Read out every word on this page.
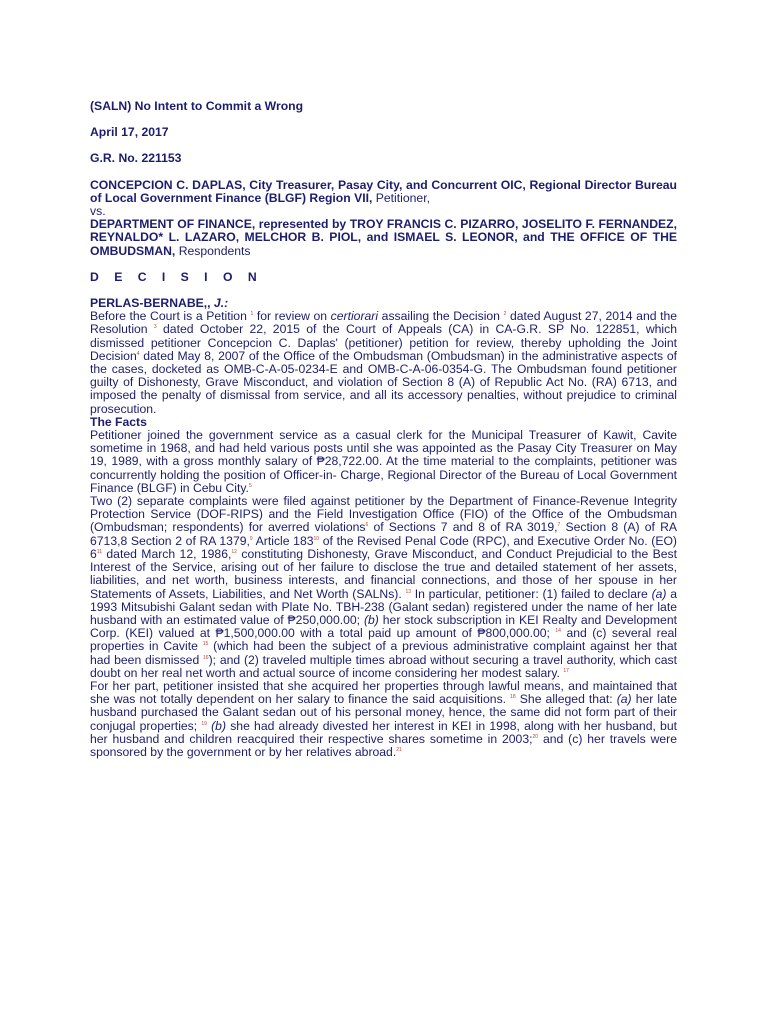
(SALN) No Intent to Commit a Wrong
April 17, 2017
G.R. No. 221153
CONCEPCION C. DAPLAS, City Treasurer, Pasay City, and Concurrent OIC, Regional Director Bureau of Local Government Finance (BLGF) Region VII, Petitioner,
vs.
DEPARTMENT OF FINANCE, represented by TROY FRANCIS C. PIZARRO, JOSELITO F. FERNANDEZ, REYNALDO* L. LAZARO, MELCHOR B. PIOL, and ISMAEL S. LEONOR, and THE OFFICE OF THE OMBUDSMAN, Respondents
D E C I S I O N
PERLAS-BERNABE,, J.:

Before the Court is a Petition $^1$ for review on certiorari assailing the Decision $^2$ dated August 27, 2014 and the Resolution $^3$ dated October 22, 2015 of the Court of Appeals (CA) in CA-G.R. SP No. 122851, which dismissed petitioner Concepcion C. Daplas' (petitioner) petition for review, thereby upholding the Joint Decision$^4$ dated May 8, 2007 of the Office of the Ombudsman (Ombudsman) in the administrative aspects of the cases, docketed as OMB-C-A-05-0234-E and OMB-C-A-06-0354-G. The Ombudsman found petitioner guilty of Dishonesty, Grave Misconduct, and violation of Section 8 (A) of Republic Act No. (RA) 6713, and imposed the penalty of dismissal from service, and all its accessory penalties, without prejudice to criminal prosecution.

The Facts

Petitioner joined the government service as a casual clerk for the Municipal Treasurer of Kawit, Cavite sometime in 1968, and had held various posts until she was appointed as the Pasay City Treasurer on May 19, 1989, with a gross monthly salary of ₱28,722.00. At the time material to the complaints, petitioner was concurrently holding the position of Officer-in- Charge, Regional Director of the Bureau of Local Government Finance (BLGF) in Cebu City.$^5$

Two (2) separate complaints were filed against petitioner by the Department of Finance-Revenue Integrity Protection Service (DOF-RIPS) and the Field Investigation Office (FIO) of the Office of the Ombudsman (Ombudsman; respondents) for averred violations$^6$ of Sections 7 and 8 of RA 3019,$^7$ Section 8 (A) of RA 6713,8 Section 2 of RA 1379,$^9$ Article 183$^{10}$ of the Revised Penal Code (RPC), and Executive Order No. (EO) 6$^{11}$ dated March 12, 1986,12 constituting Dishonesty, Grave Misconduct, and Conduct Prejudicial to the Best Interest of the Service, arising out of her failure to disclose the true and detailed statement of her assets, liabilities, and net worth, business interests, and financial connections, and those of her spouse in her Statements of Assets, Liabilities, and Net Worth (SALNs). $^{13}$ In particular, petitioner: (1) failed to declare (a) a 1993 Mitsubishi Galant sedan with Plate No. TBH-238 (Galant sedan) registered under the name of her late husband with an estimated value of ₱250,000.00; (b) her stock subscription in KEI Realty and Development Corp. (KEI) valued at ₱1,500,000.00 with a total paid up amount of ₱800,000.00; $^{14}$ and (c) several real properties in Cavite $^{15}$ (which had been the subject of a previous administrative complaint against her that had been dismissed $^{16}$); and (2) traveled multiple times abroad without securing a travel authority, which cast doubt on her real net worth and actual source of income considering her modest salary. $^{17}$

For her part, petitioner insisted that she acquired her properties through lawful means, and maintained that she was not totally dependent on her salary to finance the said acquisitions. $^{18}$ She alleged that: (a) her late husband purchased the Galant sedan out of his personal money, hence, the same did not form part of their conjugal properties; $^{19}$ (b) she had already divested her interest in KEI in 1998, along with her husband, but her husband and children reacquired their respective shares sometime in 2003;$^{20}$ and (c) her travels were sponsored by the government or by her relatives abroad.$^{21}$
